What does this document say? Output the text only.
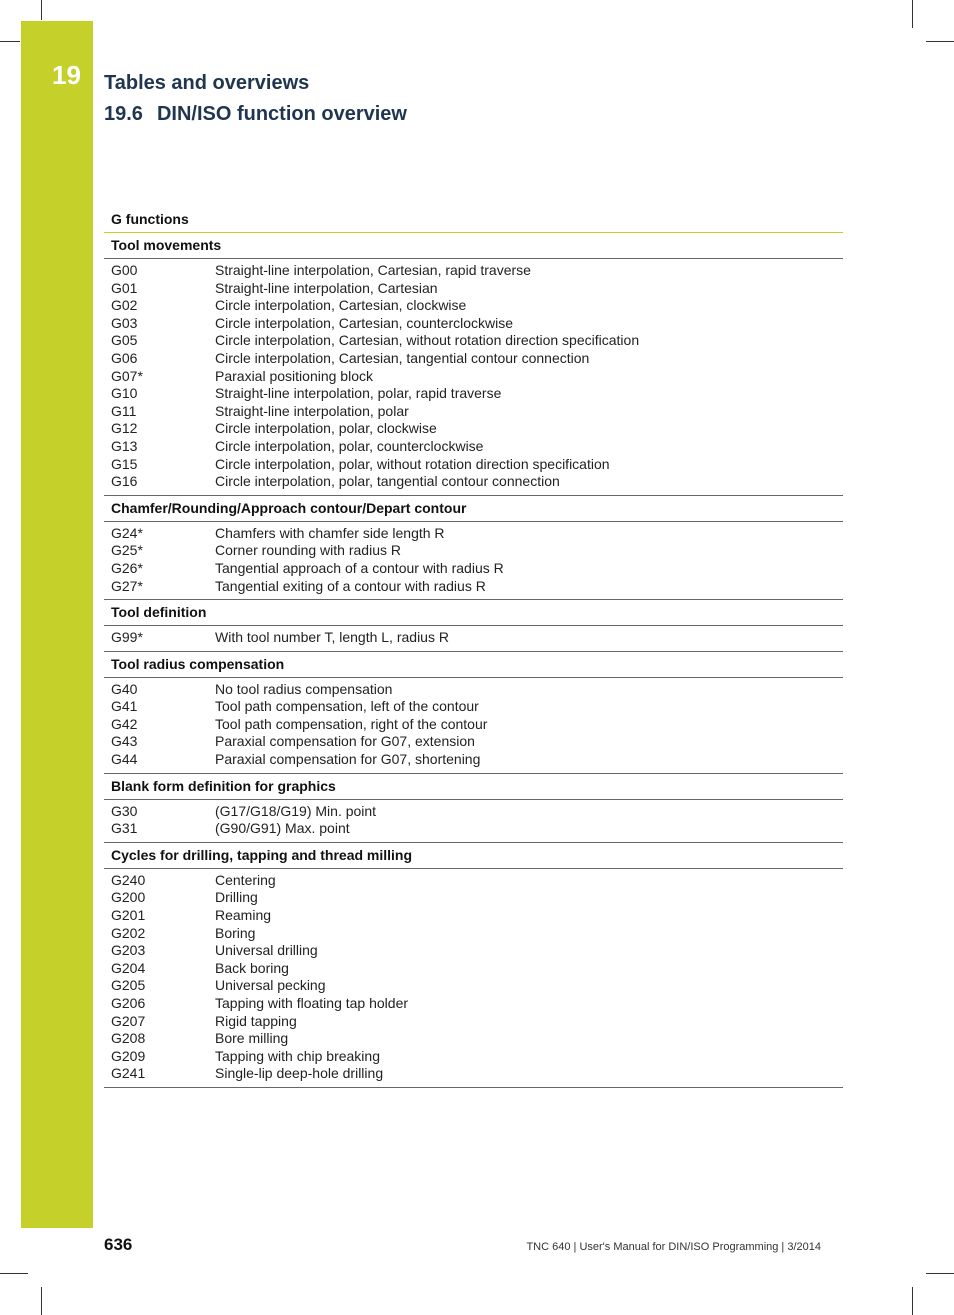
19 Tables and overviews
19.6 DIN/ISO function overview
G functions
Tool movements
G00	Straight-line interpolation, Cartesian, rapid traverse
G01	Straight-line interpolation, Cartesian
G02	Circle interpolation, Cartesian, clockwise
G03	Circle interpolation, Cartesian, counterclockwise
G05	Circle interpolation, Cartesian, without rotation direction specification
G06	Circle interpolation, Cartesian, tangential contour connection
G07*	Paraxial positioning block
G10	Straight-line interpolation, polar, rapid traverse
G11	Straight-line interpolation, polar
G12	Circle interpolation, polar, clockwise
G13	Circle interpolation, polar, counterclockwise
G15	Circle interpolation, polar, without rotation direction specification
G16	Circle interpolation, polar, tangential contour connection
Chamfer/Rounding/Approach contour/Depart contour
G24*	Chamfers with chamfer side length R
G25*	Corner rounding with radius R
G26*	Tangential approach of a contour with radius R
G27*	Tangential exiting of a contour with radius R
Tool definition
G99*	With tool number T, length L, radius R
Tool radius compensation
G40	No tool radius compensation
G41	Tool path compensation, left of the contour
G42	Tool path compensation, right of the contour
G43	Paraxial compensation for G07, extension
G44	Paraxial compensation for G07, shortening
Blank form definition for graphics
G30	(G17/G18/G19) Min. point
G31	(G90/G91) Max. point
Cycles for drilling, tapping and thread milling
G240	Centering
G200	Drilling
G201	Reaming
G202	Boring
G203	Universal drilling
G204	Back boring
G205	Universal pecking
G206	Tapping with floating tap holder
G207	Rigid tapping
G208	Bore milling
G209	Tapping with chip breaking
G241	Single-lip deep-hole drilling
636	TNC 640 | User's Manual for DIN/ISO Programming | 3/2014
